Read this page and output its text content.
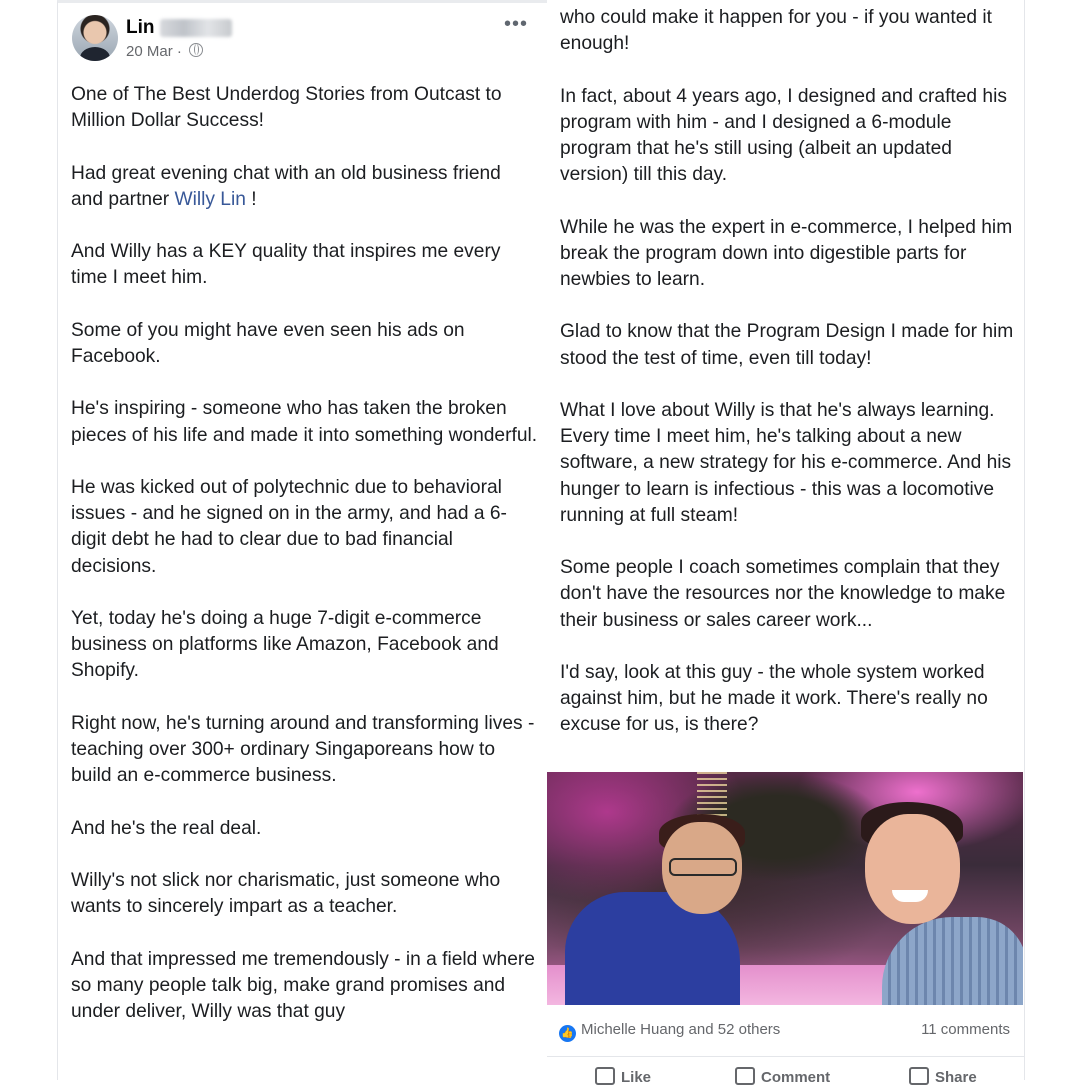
Lin
20 Mar ·
•••

One of The Best Underdog Stories from Outcast to Million Dollar Success!

Had great evening chat with an old business friend and partner Willy Lin !

And Willy has a KEY quality that inspires me every time I meet him.

Some of you might have even seen his ads on Facebook.

He's inspiring - someone who has taken the broken pieces of his life and made it into something wonderful.

He was kicked out of polytechnic due to behavioral issues - and he signed on in the army, and had a 6-digit debt he had to clear due to bad financial decisions.

Yet, today he's doing a huge 7-digit e-commerce business on platforms like Amazon, Facebook and Shopify.

Right now, he's turning around and transforming lives - teaching over 300+ ordinary Singaporeans how to build an e-commerce business.

And he's the real deal.

Willy's not slick nor charismatic, just someone who wants to sincerely impart as a teacher.

And that impressed me tremendously - in a field where so many people talk big, make grand promises and under deliver, Willy was that guy

who could make it happen for you - if you wanted it enough!

In fact, about 4 years ago, I designed and crafted his program with him - and I designed a 6-module program that he's still using (albeit an updated version) till this day.

While he was the expert in e-commerce, I helped him break the program down into digestible parts for newbies to learn.

Glad to know that the Program Design I made for him stood the test of time, even till today!

What I love about Willy is that he's always learning. Every time I meet him, he's talking about a new software, a new strategy for his e-commerce. And his hunger to learn is infectious - this was a locomotive running at full steam!

Some people I coach sometimes complain that they don't have the resources nor the knowledge to make their business or sales career work...

I'd say, look at this guy - the whole system worked against him, but he made it work. There's really no excuse for us, is there?

👍 Michelle Huang and 52 others	11 comments
Like	Comment	Share
